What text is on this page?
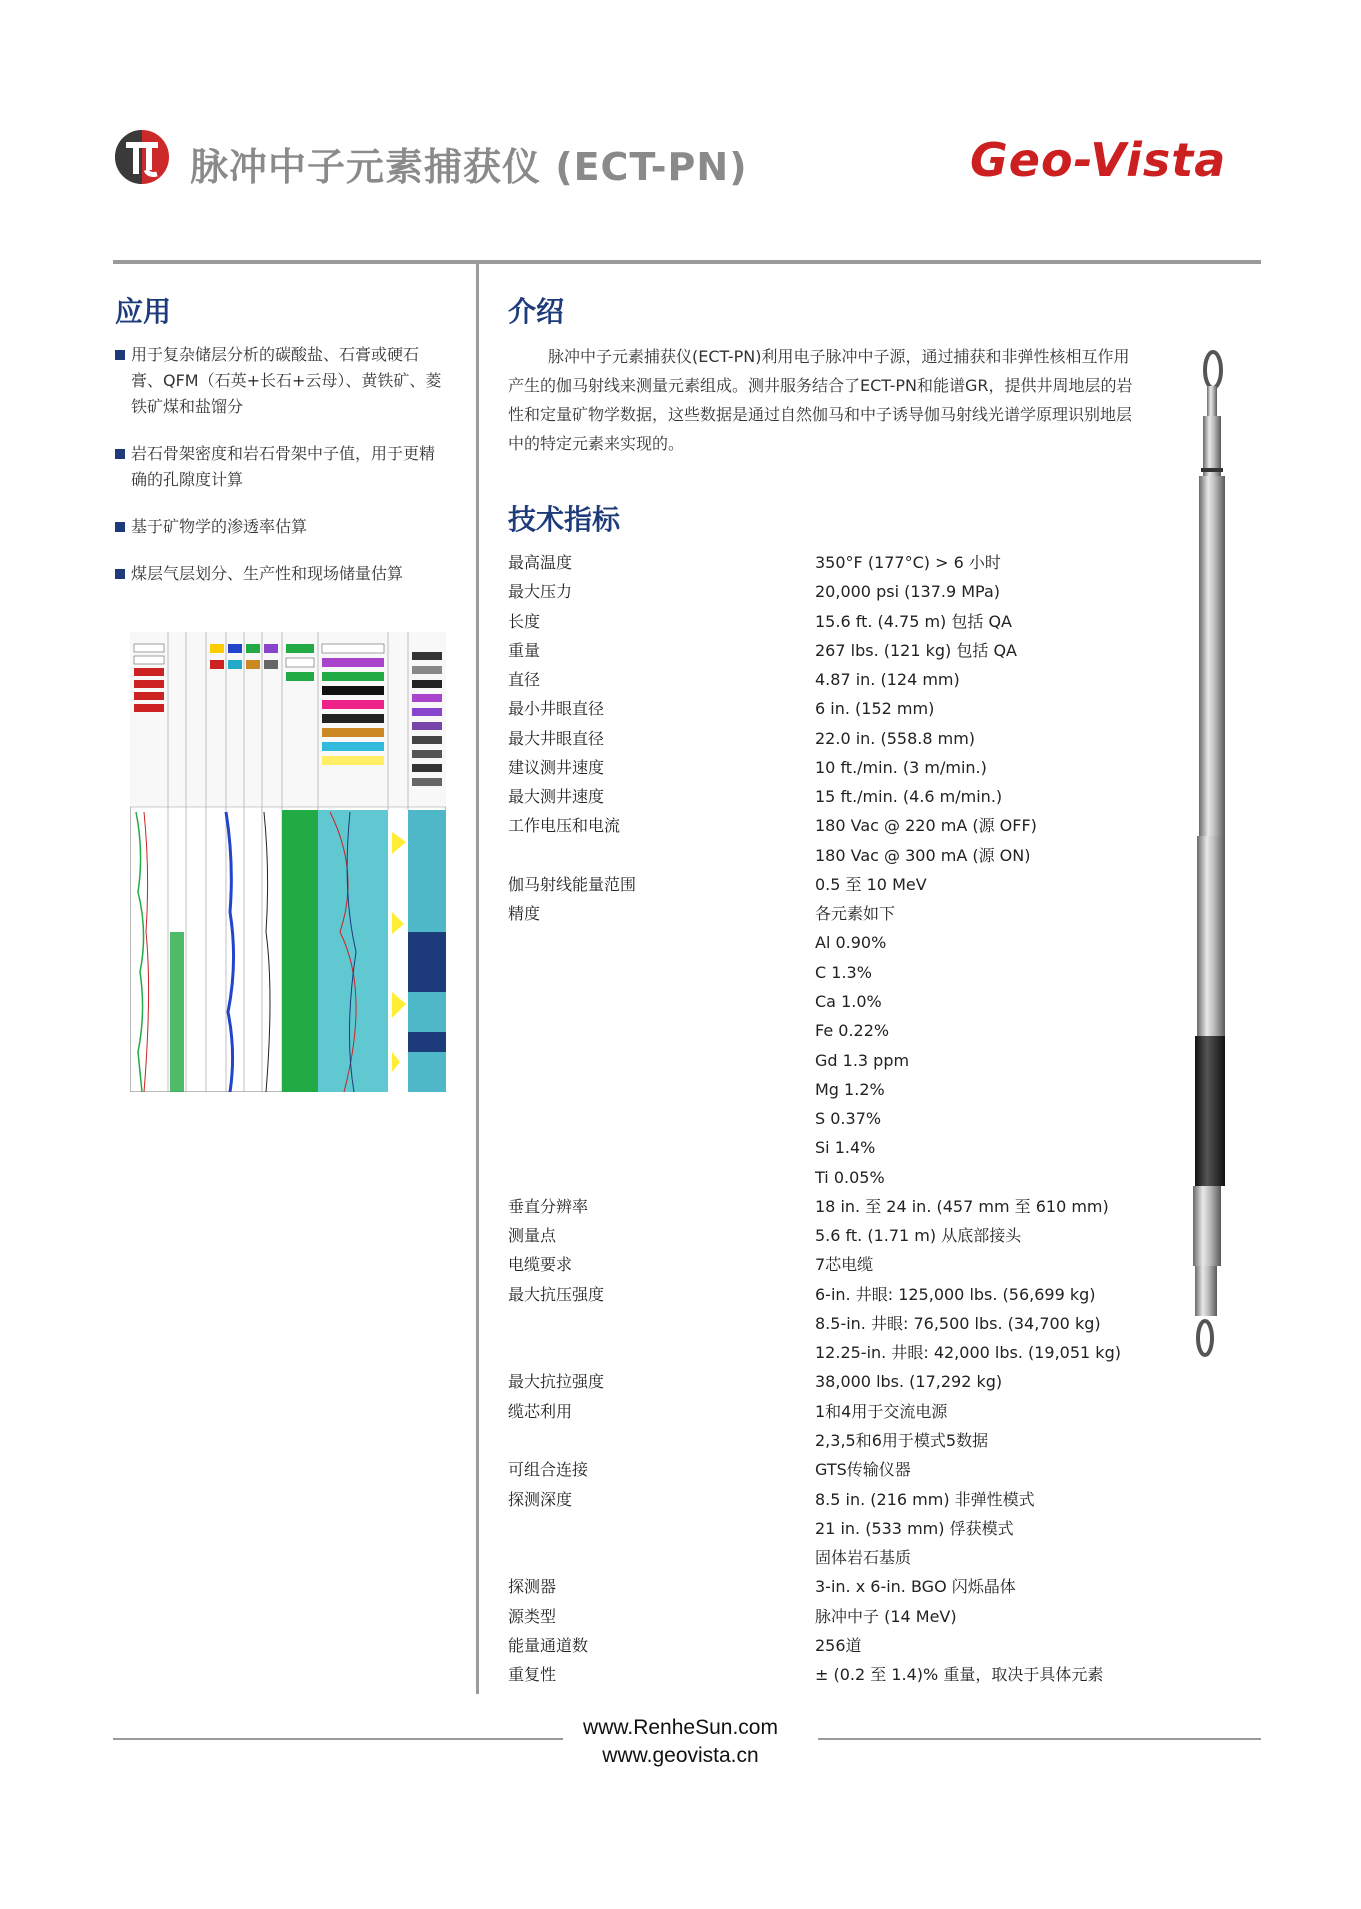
脉冲中子元素捕获仪 (ECT-PN)	Geo-Vista
应用
用于复杂储层分析的碳酸盐、石膏或硬石膏、QFM（石英+长石+云母）、黄铁矿、菱铁矿煤和盐馏分
岩石骨架密度和岩石骨架中子值，用于更精确的孔隙度计算
基于矿物学的渗透率估算
煤层气层划分、生产性和现场储量估算
介绍

脉冲中子元素捕获仪(ECT-PN)利用电子脉冲中子源，通过捕获和非弹性核相互作用产生的伽马射线来测量元素组成。测井服务结合了ECT-PN和能谱GR，提供井周地层的岩性和定量矿物学数据，这些数据是通过自然伽马和中子诱导伽马射线光谱学原理识别地层中的特定元素来实现的。

技术指标
最高温度	350°F (177°C) > 6 小时
最大压力	20,000 psi (137.9 MPa)
长度	15.6 ft. (4.75 m) 包括 QA
重量	267 lbs. (121 kg) 包括 QA
直径	4.87 in. (124 mm)
最小井眼直径	6 in. (152 mm)
最大井眼直径	22.0 in. (558.8 mm)
建议测井速度	10 ft./min. (3 m/min.)
最大测井速度	15 ft./min. (4.6 m/min.)
工作电压和电流	180 Vac @ 220 mA (源 OFF)
180 Vac @ 300 mA (源 ON)
伽马射线能量范围	0.5 至 10 MeV
精度	各元素如下
Al 0.90%
C 1.3%
Ca 1.0%
Fe 0.22%
Gd 1.3 ppm
Mg 1.2%
S 0.37%
Si 1.4%
Ti 0.05%
垂直分辨率	18 in. 至 24 in. (457 mm 至 610 mm)
测量点	5.6 ft. (1.71 m) 从底部接头
电缆要求	7芯电缆
最大抗压强度	6-in. 井眼: 125,000 lbs. (56,699 kg)
8.5-in. 井眼: 76,500 lbs. (34,700 kg)
12.25-in. 井眼: 42,000 lbs. (19,051 kg)
最大抗拉强度	38,000 lbs. (17,292 kg)
缆芯利用	1和4用于交流电源
2,3,5和6用于模式5数据
可组合连接	GTS传输仪器
探测深度	8.5 in. (216 mm) 非弹性模式
21 in. (533 mm) 俘获模式
固体岩石基质
探测器	3-in. x 6-in. BGO 闪烁晶体
源类型	脉冲中子 (14 MeV)
能量通道数	256道
重复性	± (0.2 至 1.4)% 重量，取决于具体元素
www.RenheSun.com
www.geovista.cn
